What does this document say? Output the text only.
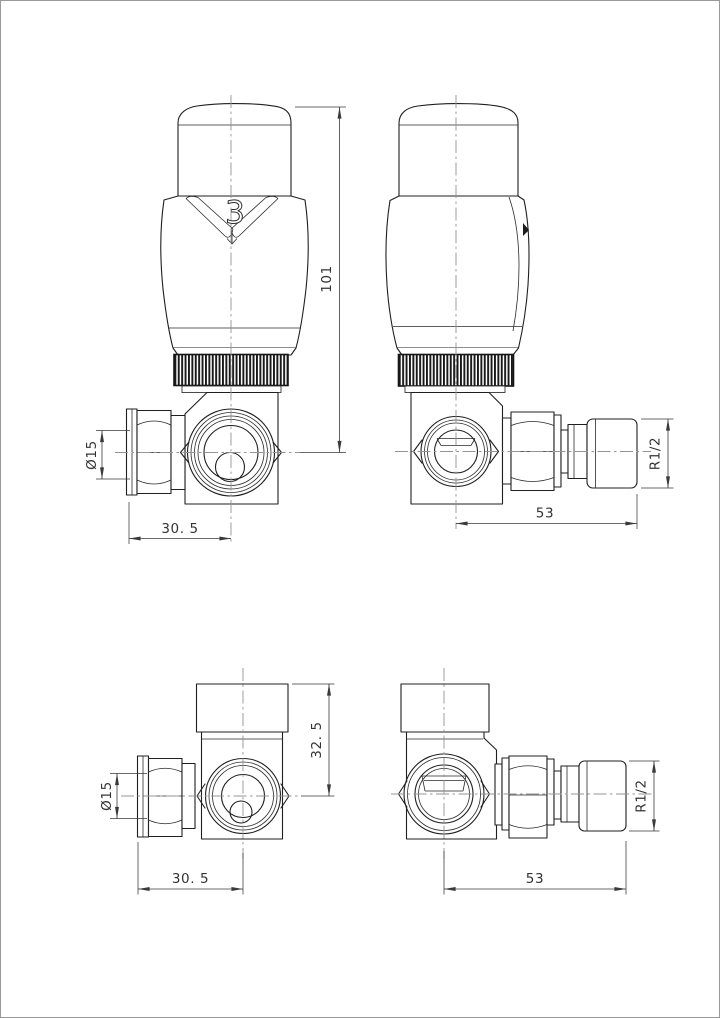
3
Ø15
30. 5
101
R1/2
53
Ø15
32. 5
30. 5
R1/2
53
